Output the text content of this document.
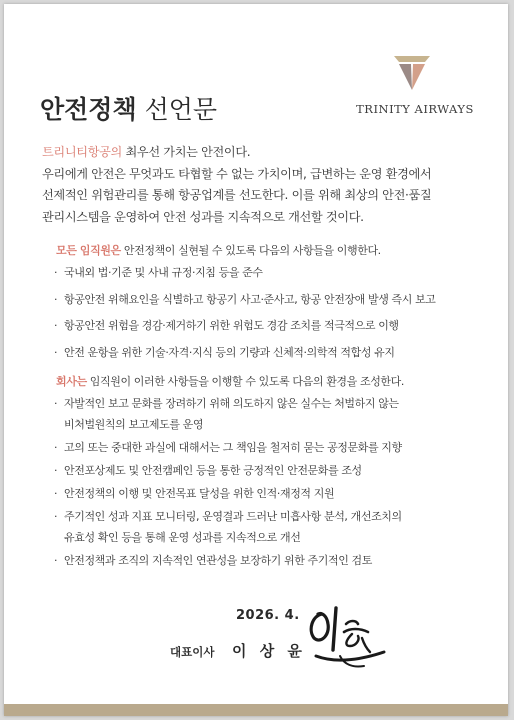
안전정책 선언문	TRINITY AIRWAYS

트리니티항공의 최우선 가치는 안전이다.

우리에게 안전은 무엇과도 타협할 수 없는 가치이며, 급변하는 운영 환경에서

선제적인 위험관리를 통해 항공업계를 선도한다. 이를 위해 최상의 안전·품질

관리시스템을 운영하여 안전 성과를 지속적으로 개선할 것이다.

모든 임직원은 안전정책이 실현될 수 있도록 다음의 사항들을 이행한다.

· 국내외 법·기준 및 사내 규정·지침 등을 준수
· 항공안전 위해요인을 식별하고 항공기 사고·준사고, 항공 안전장애 발생 즉시 보고
· 항공안전 위험을 경감·제거하기 위한 위험도 경감 조치를 적극적으로 이행
· 안전 운항을 위한 기술·자격·지식 등의 기량과 신체적·의학적 적합성 유지

회사는 임직원이 이러한 사항들을 이행할 수 있도록 다음의 환경을 조성한다.

· 자발적인 보고 문화를 장려하기 위해 의도하지 않은 실수는 처벌하지 않는
비처벌원칙의 보고제도를 운영
· 고의 또는 중대한 과실에 대해서는 그 책임을 철저히 묻는 공정문화를 지향
· 안전포상제도 및 안전캠페인 등을 통한 긍정적인 안전문화를 조성
· 안전정책의 이행 및 안전목표 달성을 위한 인적·재정적 지원
· 주기적인 성과 지표 모니터링, 운영결과 드러난 미흡사항 분석, 개선조치의
유효성 확인 등을 통해 운영 성과를 지속적으로 개선
· 안전정책과 조직의 지속적인 연관성을 보장하기 위한 주기적인 검토
2026. 4.
대표이사 이 상 윤
